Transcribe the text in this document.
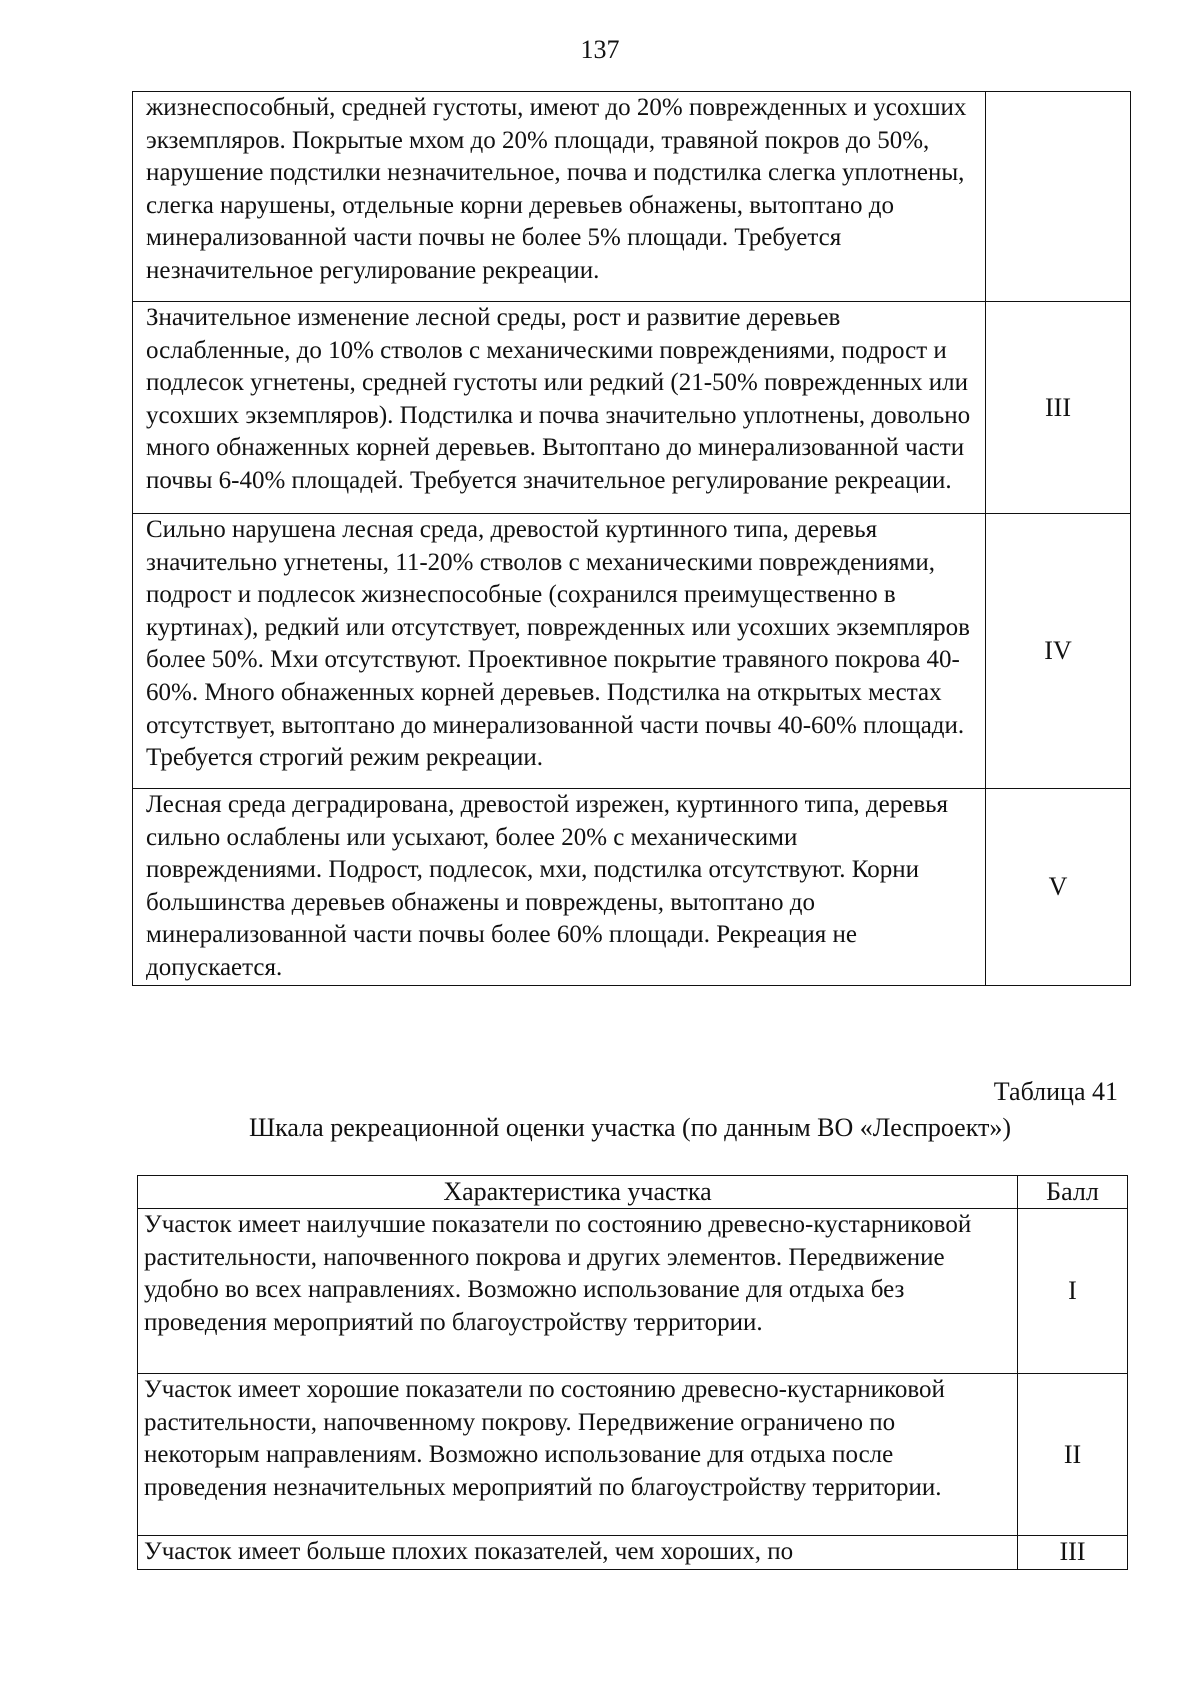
137
жизнеспособный, средней густоты, имеют до 20% поврежденных и усохших экземпляров. Покрытые мхом до 20% площади, травяной покров до 50%, нарушение подстилки незначительное, почва и подстилка слегка уплотнены, слегка нарушены, отдельные корни деревьев обнажены, вытоптано до минерализованной части почвы не более 5% площади. Требуется незначительное регулирование рекреации.	
Значительное изменение лесной среды, рост и развитие деревьев ослабленные, до 10% стволов с механическими повреждениями, подрост и подлесок угнетены, средней густоты или редкий (21-50% поврежденных или усохших экземпляров). Подстилка и почва значительно уплотнены, довольно много обнаженных корней деревьев. Вытоптано до минерализованной части почвы 6-40% площадей. Требуется значительное регулирование рекреации.	III
Сильно нарушена лесная среда, древостой куртинного типа, деревья значительно угнетены, 11-20% стволов с механическими повреждениями, подрост и подлесок жизнеспособные (сохранился преимущественно в куртинах), редкий или отсутствует, поврежденных или усохших экземпляров более 50%. Мхи отсутствуют. Проективное покрытие травяного покрова 40-60%. Много обнаженных корней деревьев. Подстилка на открытых местах отсутствует, вытоптано до минерализованной части почвы 40-60% площади. Требуется строгий режим рекреации.	IV
Лесная среда деградирована, древостой изрежен, куртинного типа, деревья сильно ослаблены или усыхают, более 20% с механическими повреждениями. Подрост, подлесок, мхи, подстилка отсутствуют. Корни большинства деревьев обнажены и повреждены, вытоптано до минерализованной части почвы более 60% площади. Рекреация не допускается.	V
Таблица 41
Шкала рекреационной оценки участка (по данным ВО «Леспроект»)
Характеристика участка	Балл
Участок имеет наилучшие показатели по состоянию древесно-кустарниковой растительности, напочвенного покрова и других элементов. Передвижение удобно во всех направлениях. Возможно использование для отдыха без проведения мероприятий по благоустройству территории.	I
Участок имеет хорошие показатели по состоянию древесно-кустарниковой растительности, напочвенному покрову. Передвижение ограничено по некоторым направлениям. Возможно использование для отдыха после проведения незначительных мероприятий по благоустройству территории.	II
Участок имеет больше плохих показателей, чем хороших, по	III
